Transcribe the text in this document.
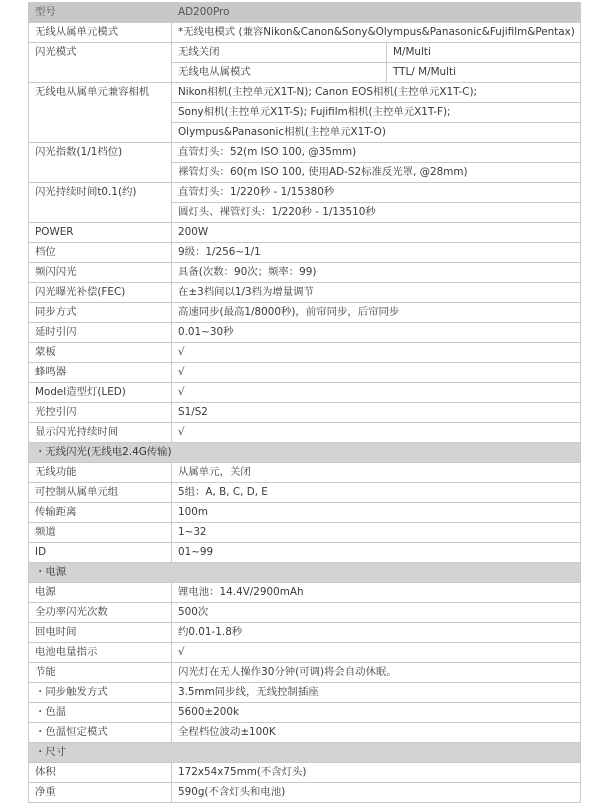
型号	AD200Pro	
无线从属单元模式	*无线电模式 (兼容Nikon&Canon&Sony&Olympus&Panasonic&Fujifilm&Pentax)	
闪光模式	无线关闭	M/Multi
	无线电从属模式	TTL/ M/Multi
无线电从属单元兼容相机	Nikon相机(主控单元X1T-N); Canon EOS相机(主控单元X1T-C);	
	Sony相机(主控单元X1T-S); Fujifilm相机(主控单元X1T-F);	
	Olympus&Panasonic相机(主控单元X1T-O)	
闪光指数(1/1档位)	直管灯头：52(m ISO 100, @35mm)	
	裸管灯头：60(m ISO 100, 使用AD-S2标准反光罩, @28mm)	
闪光持续时间t0.1(约)	直管灯头：1/220秒 - 1/15380秒	
	圆灯头、裸管灯头：1/220秒 - 1/13510秒	
POWER	200W	
档位	9级：1/256~1/1	
频闪闪光	具备(次数：90次；频率：99)	
闪光曝光补偿(FEC)	在±3档间以1/3档为增量调节	
同步方式	高速同步(最高1/8000秒)，前帘同步，后帘同步	
延时引闪	0.01~30秒	
蒙板	√	
蜂鸣器	√	
Model造型灯(LED)	√	
光控引闪	S1/S2	
显示闪光持续时间	√	
・无线闪光(无线电2.4G传输)		
无线功能	从属单元，关闭	
可控制从属单元组	5组：A, B, C, D, E	
传输距离	100m	
频道	1~32	
ID	01~99	
・电源		
电源	锂电池：14.4V/2900mAh	
全功率闪光次数	500次	
回电时间	约0.01-1.8秒	
电池电量指示	√	
节能	闪光灯在无人操作30分钟(可调)将会自动休眠。	
・同步触发方式	3.5mm同步线，无线控制插座	
・色温	5600±200k	
・色温恒定模式	全程档位波动±100K	
・尺寸		
体积	172x54x75mm(不含灯头)	
净重	590g(不含灯头和电池)	
